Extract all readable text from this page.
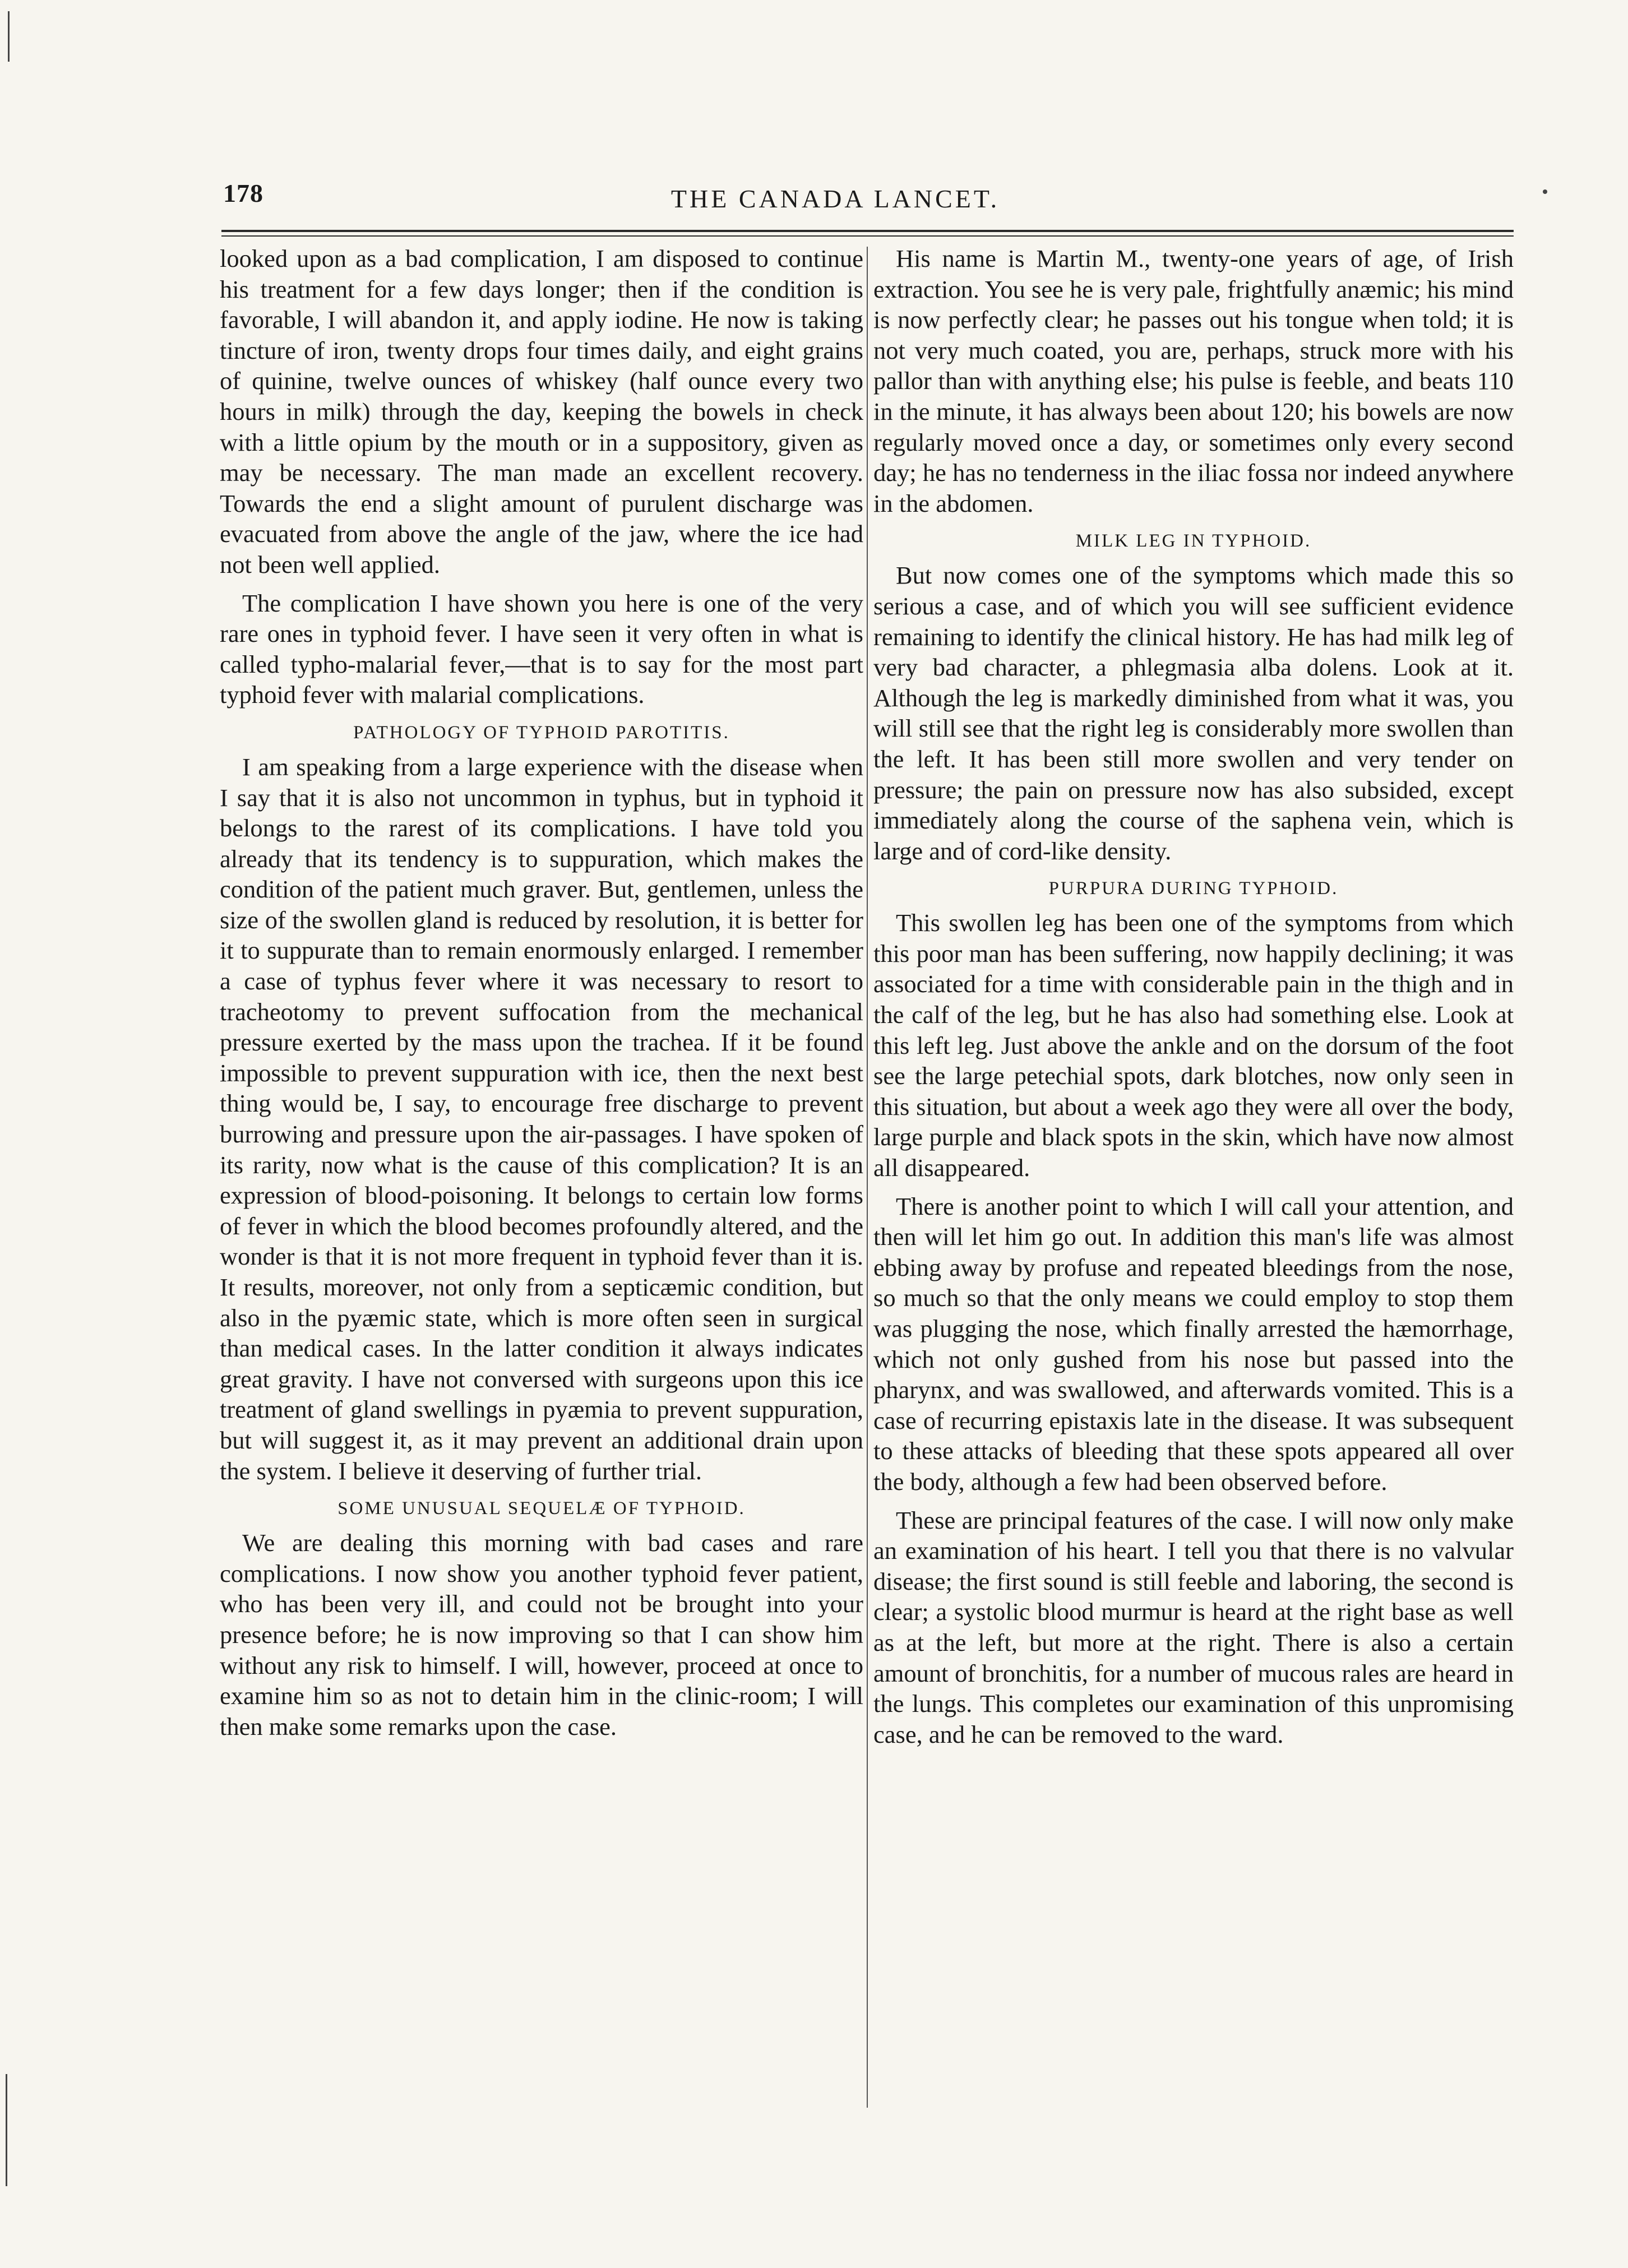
178	THE CANADA LANCET.

looked upon as a bad complication, I am disposed to continue his treatment for a few days longer; then if the condition is favorable, I will abandon it, and apply iodine. He now is taking tincture of iron, twenty drops four times daily, and eight grains of quinine, twelve ounces of whiskey (half ounce every two hours in milk) through the day, keeping the bowels in check with a little opium by the mouth or in a suppository, given as may be necessary. The man made an excellent recovery. Towards the end a slight amount of purulent discharge was evacuated from above the angle of the jaw, where the ice had not been well applied.

The complication I have shown you here is one of the very rare ones in typhoid fever. I have seen it very often in what is called typho-malarial fever,—that is to say for the most part typhoid fever with malarial complications.

PATHOLOGY OF TYPHOID PAROTITIS.

I am speaking from a large experience with the disease when I say that it is also not uncommon in typhus, but in typhoid it belongs to the rarest of its complications. I have told you already that its tendency is to suppuration, which makes the condition of the patient much graver. But, gentlemen, unless the size of the swollen gland is reduced by resolution, it is better for it to suppurate than to remain enormously enlarged. I remember a case of typhus fever where it was necessary to resort to tracheotomy to prevent suffocation from the mechanical pressure exerted by the mass upon the trachea. If it be found impossible to prevent suppuration with ice, then the next best thing would be, I say, to encourage free discharge to prevent burrowing and pressure upon the air-passages. I have spoken of its rarity, now what is the cause of this complication? It is an expression of blood-poisoning. It belongs to certain low forms of fever in which the blood becomes profoundly altered, and the wonder is that it is not more frequent in typhoid fever than it is. It results, moreover, not only from a septicæmic condition, but also in the pyæmic state, which is more often seen in surgical than medical cases. In the latter condition it always indicates great gravity. I have not conversed with surgeons upon this ice treatment of gland swellings in pyæmia to prevent suppuration, but will suggest it, as it may prevent an additional drain upon the system. I believe it deserving of further trial.

SOME UNUSUAL SEQUELÆ OF TYPHOID.

We are dealing this morning with bad cases and rare complications. I now show you another typhoid fever patient, who has been very ill, and could not be brought into your presence before; he is now improving so that I can show him without any risk to himself. I will, however, proceed at once to examine him so as not to detain him in the clinic-room; I will then make some remarks upon the case.

His name is Martin M., twenty-one years of age, of Irish extraction. You see he is very pale, frightfully anæmic; his mind is now perfectly clear; he passes out his tongue when told; it is not very much coated, you are, perhaps, struck more with his pallor than with anything else; his pulse is feeble, and beats 110 in the minute, it has always been about 120; his bowels are now regularly moved once a day, or sometimes only every second day; he has no tenderness in the iliac fossa nor indeed anywhere in the abdomen.

MILK LEG IN TYPHOID.

But now comes one of the symptoms which made this so serious a case, and of which you will see sufficient evidence remaining to identify the clinical history. He has had milk leg of very bad character, a phlegmasia alba dolens. Look at it. Although the leg is markedly diminished from what it was, you will still see that the right leg is considerably more swollen than the left. It has been still more swollen and very tender on pressure; the pain on pressure now has also subsided, except immediately along the course of the saphena vein, which is large and of cord-like density.

PURPURA DURING TYPHOID.

This swollen leg has been one of the symptoms from which this poor man has been suffering, now happily declining; it was associated for a time with considerable pain in the thigh and in the calf of the leg, but he has also had something else. Look at this left leg. Just above the ankle and on the dorsum of the foot see the large petechial spots, dark blotches, now only seen in this situation, but about a week ago they were all over the body, large purple and black spots in the skin, which have now almost all disappeared.

There is another point to which I will call your attention, and then will let him go out. In addition this man's life was almost ebbing away by profuse and repeated bleedings from the nose, so much so that the only means we could employ to stop them was plugging the nose, which finally arrested the hæmorrhage, which not only gushed from his nose but passed into the pharynx, and was swallowed, and afterwards vomited. This is a case of recurring epistaxis late in the disease. It was subsequent to these attacks of bleeding that these spots appeared all over the body, although a few had been observed before.

These are principal features of the case. I will now only make an examination of his heart. I tell you that there is no valvular disease; the first sound is still feeble and laboring, the second is clear; a systolic blood murmur is heard at the right base as well as at the left, but more at the right. There is also a certain amount of bronchitis, for a number of mucous rales are heard in the lungs. This completes our examination of this unpromising case, and he can be removed to the ward.
